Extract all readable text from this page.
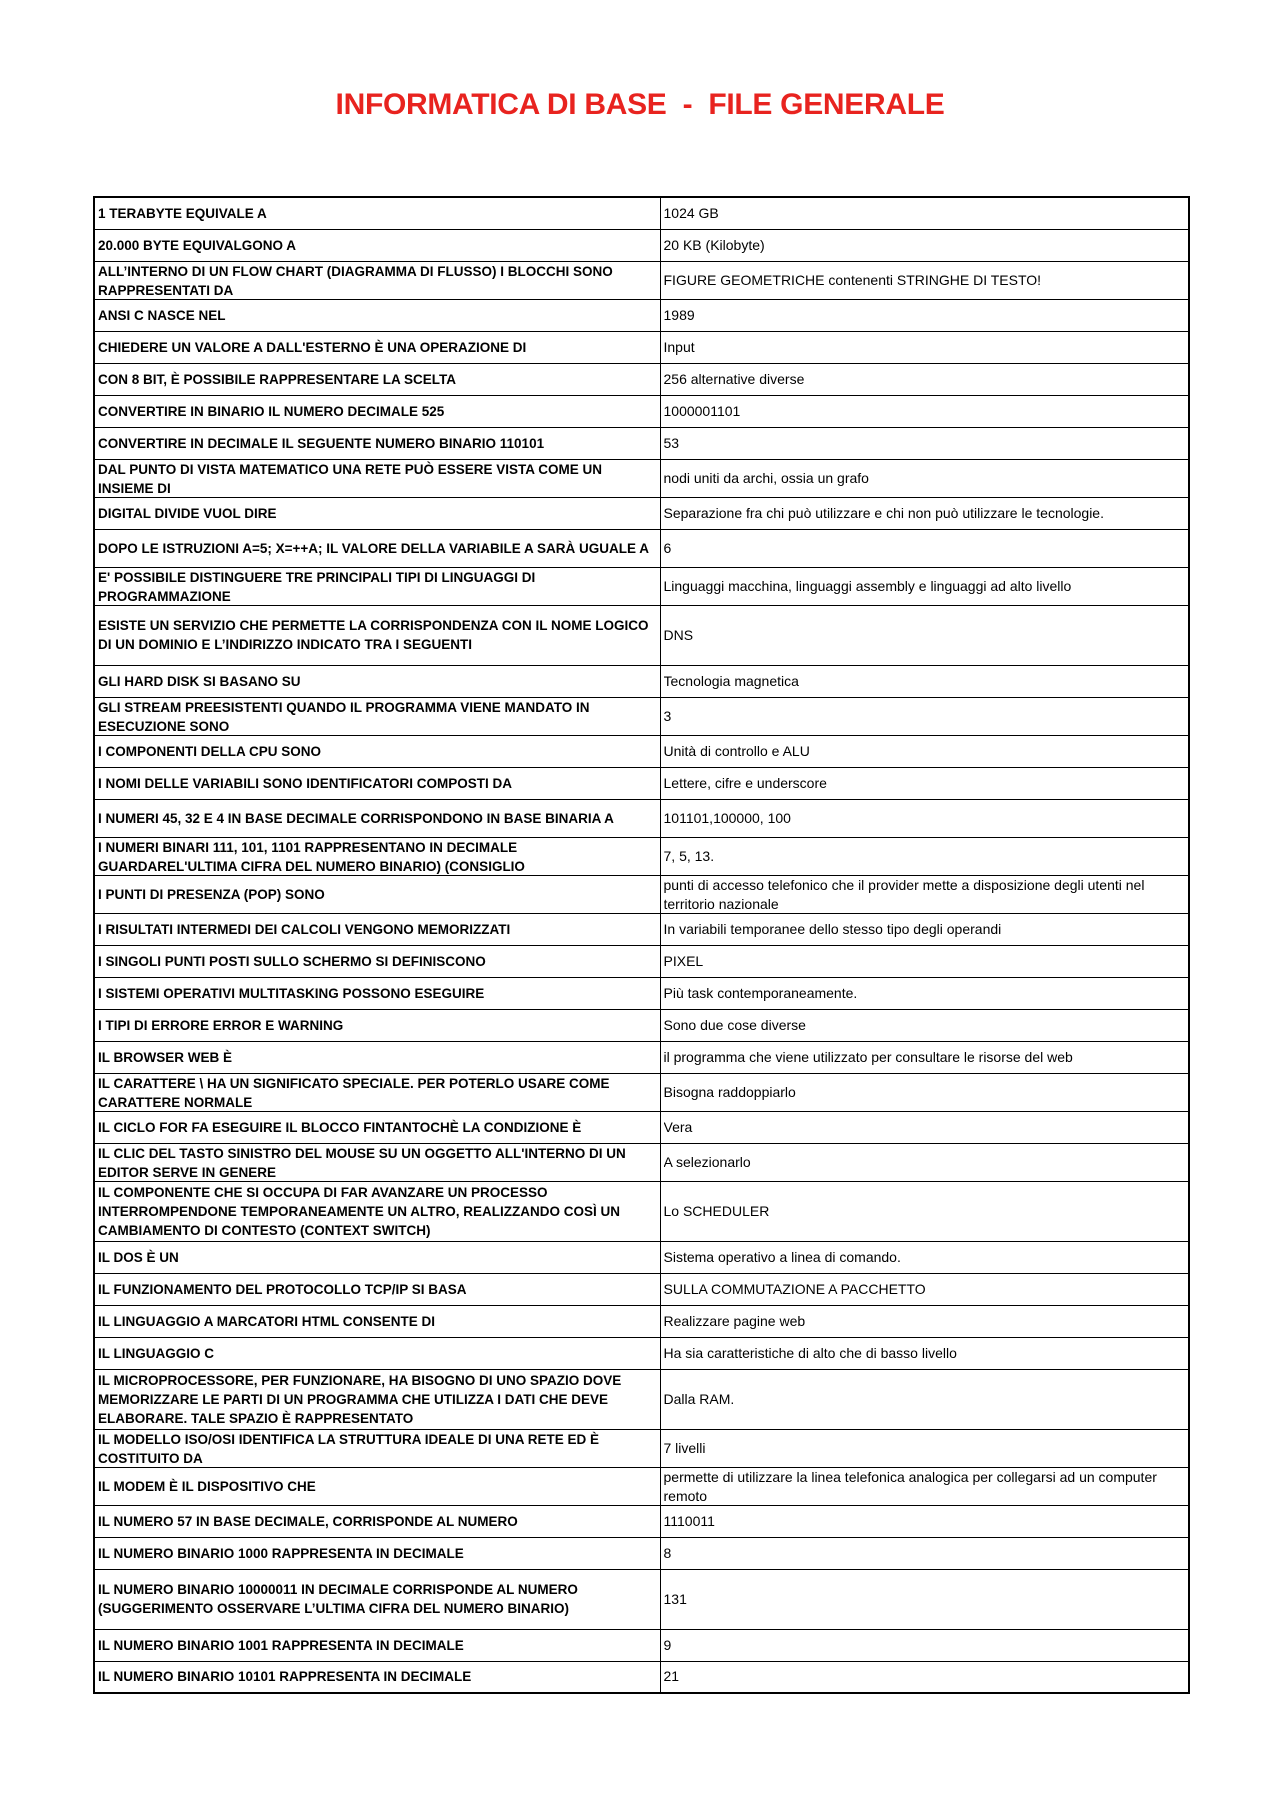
INFORMATICA DI BASE  -  FILE GENERALE
1 TERABYTE EQUIVALE A	1024 GB

20.000 BYTE EQUIVALGONO A	20 KB (Kilobyte)

ALL’INTERNO DI UN FLOW CHART (DIAGRAMMA DI FLUSSO) I BLOCCHI SONO RAPPRESENTATI DA	FIGURE GEOMETRICHE contenenti STRINGHE DI TESTO!

ANSI C NASCE NEL	1989

CHIEDERE UN VALORE A DALL'ESTERNO È UNA OPERAZIONE DI	Input

CON 8 BIT, È POSSIBILE RAPPRESENTARE LA SCELTA	256 alternative diverse

CONVERTIRE IN BINARIO IL NUMERO DECIMALE 525	1000001101

CONVERTIRE IN DECIMALE IL SEGUENTE NUMERO BINARIO 110101	53

DAL PUNTO DI VISTA MATEMATICO UNA RETE PUÒ ESSERE VISTA COME UN INSIEME DI	nodi uniti da archi, ossia un grafo

DIGITAL DIVIDE VUOL DIRE	Separazione fra chi può utilizzare e chi non può utilizzare le tecnologie.

DOPO LE ISTRUZIONI A=5; X=++A; IL VALORE DELLA VARIABILE A SARÀ UGUALE A	6

E' POSSIBILE DISTINGUERE TRE PRINCIPALI TIPI DI LINGUAGGI DI PROGRAMMAZIONE	Linguaggi macchina, linguaggi assembly e linguaggi ad alto livello

ESISTE UN SERVIZIO CHE PERMETTE LA CORRISPONDENZA CON IL NOME LOGICO DI UN DOMINIO E L’INDIRIZZO INDICATO TRA I SEGUENTI	DNS

GLI HARD DISK SI BASANO SU	Tecnologia magnetica

GLI STREAM PREESISTENTI QUANDO IL PROGRAMMA VIENE MANDATO IN ESECUZIONE SONO	3

I COMPONENTI DELLA CPU SONO	Unità di controllo e ALU

I NOMI DELLE VARIABILI SONO IDENTIFICATORI COMPOSTI DA	Lettere, cifre e underscore

I NUMERI 45, 32 E 4 IN BASE DECIMALE CORRISPONDONO IN BASE BINARIA A	101101,100000, 100

I NUMERI BINARI 111, 101, 1101 RAPPRESENTANO IN DECIMALE GUARDAREL'ULTIMA CIFRA DEL NUMERO BINARIO) (CONSIGLIO	7, 5, 13.

I PUNTI DI PRESENZA (POP) SONO	punti di accesso telefonico che il provider mette a disposizione degli utenti nel territorio nazionale

I RISULTATI INTERMEDI DEI CALCOLI VENGONO MEMORIZZATI	In variabili temporanee dello stesso tipo degli operandi

I SINGOLI PUNTI POSTI SULLO SCHERMO SI DEFINISCONO	PIXEL

I SISTEMI OPERATIVI MULTITASKING POSSONO ESEGUIRE	Più task contemporaneamente.

I TIPI DI ERRORE ERROR E WARNING	Sono due cose diverse

IL BROWSER WEB È	il programma che viene utilizzato per consultare le risorse del web

IL CARATTERE \ HA UN SIGNIFICATO SPECIALE. PER POTERLO USARE COME CARATTERE NORMALE	Bisogna raddoppiarlo

IL CICLO FOR FA ESEGUIRE IL BLOCCO FINTANTOCHÈ LA CONDIZIONE È	Vera

IL CLIC DEL TASTO SINISTRO DEL MOUSE SU UN OGGETTO ALL'INTERNO DI UN EDITOR SERVE IN GENERE	A selezionarlo

IL COMPONENTE CHE SI OCCUPA DI FAR AVANZARE UN PROCESSO INTERROMPENDONE TEMPORANEAMENTE UN ALTRO, REALIZZANDO COSÌ UN CAMBIAMENTO DI CONTESTO (CONTEXT SWITCH)	Lo SCHEDULER

IL DOS È UN	Sistema operativo a linea di comando.

IL FUNZIONAMENTO DEL PROTOCOLLO TCP/IP SI BASA	SULLA COMMUTAZIONE A PACCHETTO

IL LINGUAGGIO A MARCATORI HTML CONSENTE DI	Realizzare pagine web

IL LINGUAGGIO C	Ha sia caratteristiche di alto che di basso livello

IL MICROPROCESSORE, PER FUNZIONARE, HA BISOGNO DI UNO SPAZIO DOVE MEMORIZZARE LE PARTI DI UN PROGRAMMA CHE UTILIZZA I DATI CHE DEVE ELABORARE. TALE SPAZIO È RAPPRESENTATO	Dalla RAM.

IL MODELLO ISO/OSI IDENTIFICA LA STRUTTURA IDEALE DI UNA RETE ED È COSTITUITO DA	7 livelli

IL MODEM È IL DISPOSITIVO CHE	permette di utilizzare la linea telefonica analogica per collegarsi ad un computer remoto

IL NUMERO 57 IN BASE DECIMALE, CORRISPONDE AL NUMERO	1110011

IL NUMERO BINARIO 1000 RAPPRESENTA IN DECIMALE	8

IL NUMERO BINARIO 10000011 IN DECIMALE CORRISPONDE AL NUMERO (SUGGERIMENTO OSSERVARE L’ULTIMA CIFRA DEL NUMERO BINARIO)	131

IL NUMERO BINARIO 1001 RAPPRESENTA IN DECIMALE	9

IL NUMERO BINARIO 10101 RAPPRESENTA IN DECIMALE	21
